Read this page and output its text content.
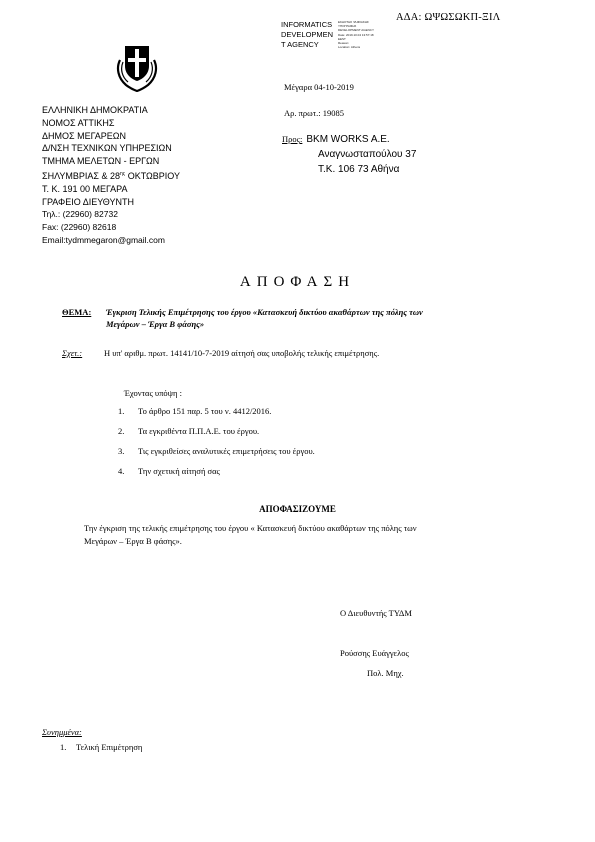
ΑΔΑ: ΩΨΩΣΩΚΠ-ΞΙΛ
INFORMATICS
DEVELOPMEN
T AGENCY
ΕΚΔΟΤΗΣ ΨΗΦΙΑΚΗΣ
ΥΠΟΓΡΑΦΗΣ
DEVELOPMENT AGENCY
Date: 2019.10.04 13:57:18
EEST
Reason:
Location: Athens
ΕΛΛΗΝΙΚΗ ΔΗΜΟΚΡΑΤΙΑ
ΝΟΜΟΣ ΑΤΤΙΚΗΣ
ΔΗΜΟΣ ΜΕΓΑΡΕΩΝ
Δ/ΝΣΗ ΤΕΧΝΙΚΩΝ ΥΠΗΡΕΣΙΩΝ
ΤΜΗΜΑ ΜΕΛΕΤΩΝ - ΕΡΓΩΝ
ΣΗΛΥΜΒΡΙΑΣ & $28^{\eta\varsigma}$ ΟΚΤΩΒΡΙΟΥ
Τ. Κ. 191 00 ΜΕΓΑΡΑ
ΓΡΑΦΕΙΟ ΔΙΕΥΘΥΝΤΗ
Τηλ.: (22960) 82732
Fax: (22960) 82618
Email:tydmmegaron@gmail.com
Μέγαρα 04-10-2019
Αρ. πρωτ.: 19085
Προς: BKM WORKS A.E.
Αναγνωσταπούλου 37
Τ.Κ. 106 73 Αθήνα
ΑΠΟΦΑΣΗ
ΘΕΜΑ: Έγκριση Τελικής Επιμέτρησης του έργου «Κατασκευή δικτύου ακαθάρτων της πόλης των
Μεγάρων – Έργα Β φάσης»
Σχετ.:	Η υπ' αριθμ. πρωτ. 14141/10-7-2019 αίτησή σας υποβολής τελικής επιμέτρησης.
Έχοντας υπόψη :
1.	Το άρθρο 151 παρ. 5 του ν. 4412/2016.
2.	Τα εγκριθέντα Π.Π.Α.Ε. του έργου.
3.	Τις εγκριθείσες αναλυτικές επιμετρήσεις του έργου.
4.	Την σχετική αίτησή σας
ΑΠΟΦΑΣΙΖΟΥΜΕ
Την έγκριση της τελικής επιμέτρησης του έργου « Κατασκευή δικτύου ακαθάρτων της πόλης των
Μεγάρων – Έργα Β φάσης».
Ο Διευθυντής ΤΥΔΜ
Ρούσσης Ευάγγελος
Πολ. Μηχ.
Συνημμένα:
1. Τελική Επιμέτρηση
